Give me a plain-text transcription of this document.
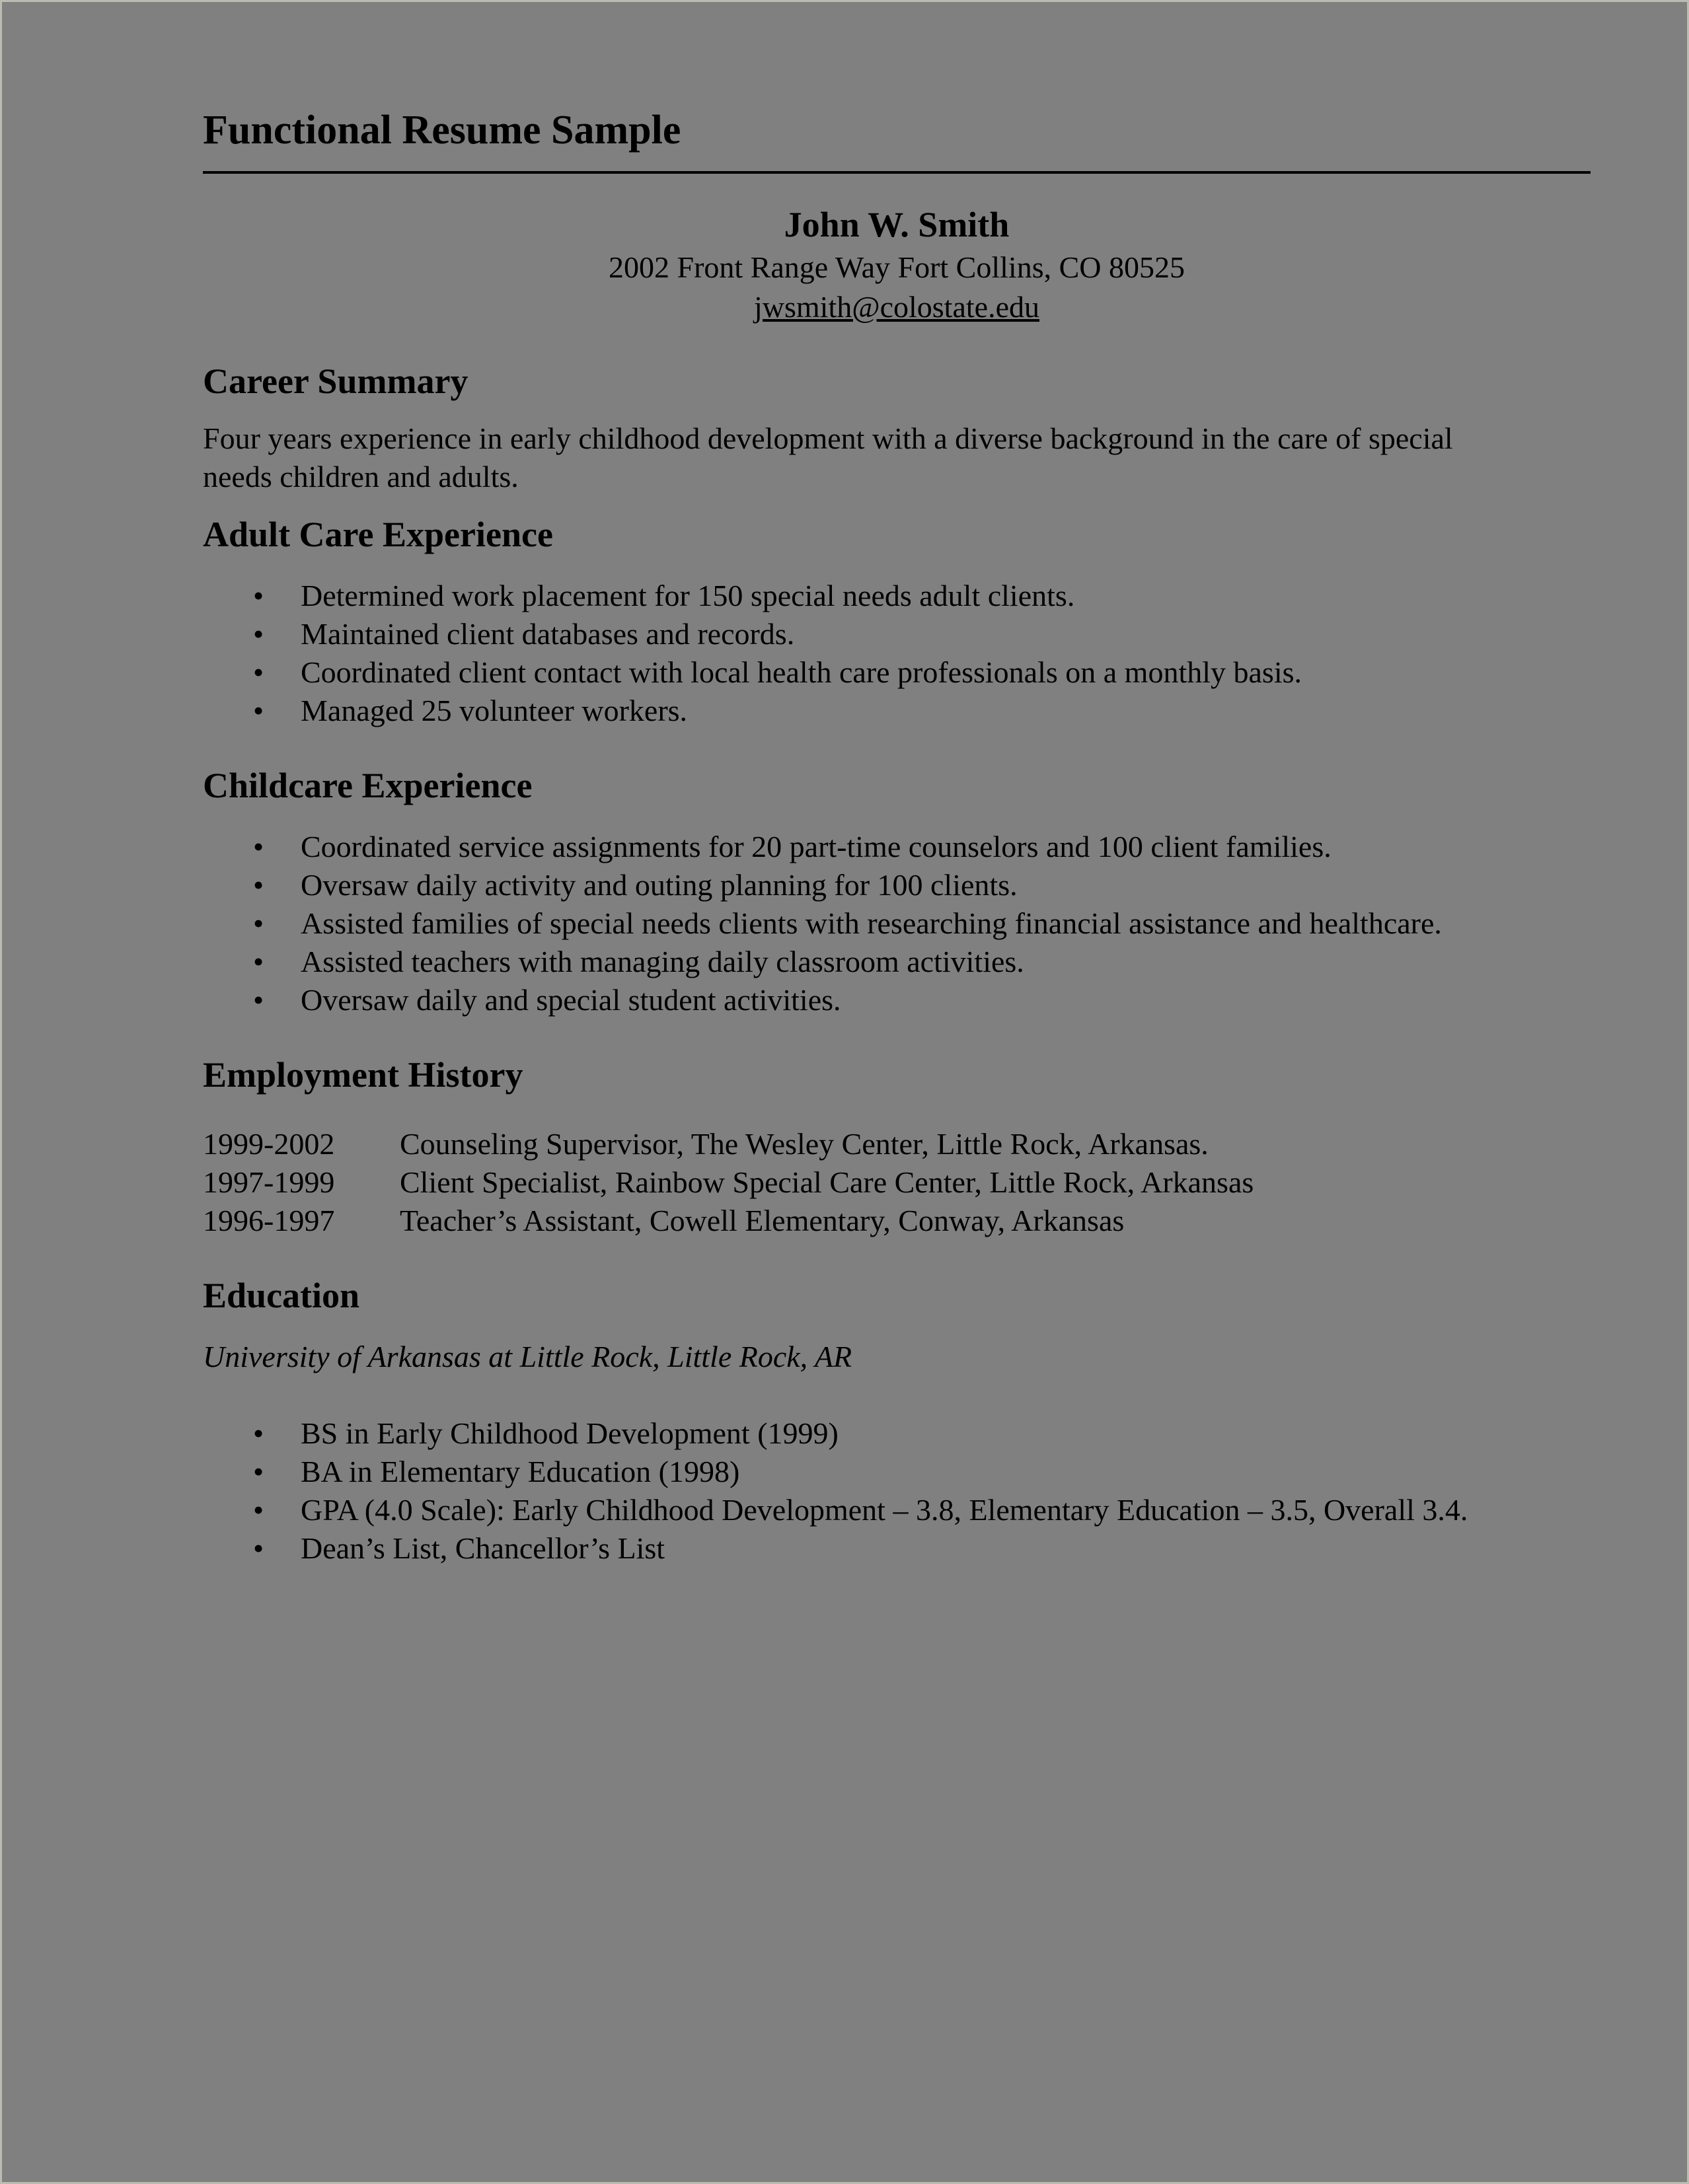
Functional Resume Sample
John W. Smith
2002 Front Range Way Fort Collins, CO 80525
jwsmith@colostate.edu
Career Summary

Four years experience in early childhood development with a diverse background in the care of special needs children and adults.

Adult Care Experience
• Determined work placement for 150 special needs adult clients.
• Maintained client databases and records.
• Coordinated client contact with local health care professionals on a monthly basis.
• Managed 25 volunteer workers.
Childcare Experience
• Coordinated service assignments for 20 part-time counselors and 100 client families.
• Oversaw daily activity and outing planning for 100 clients.
• Assisted families of special needs clients with researching financial assistance and healthcare.
• Assisted teachers with managing daily classroom activities.
• Oversaw daily and special student activities.
Employment History
1999-2002	Counseling Supervisor, The Wesley Center, Little Rock, Arkansas.
1997-1999	Client Specialist, Rainbow Special Care Center, Little Rock, Arkansas
1996-1997	Teacher’s Assistant, Cowell Elementary, Conway, Arkansas
Education

University of Arkansas at Little Rock, Little Rock, AR

• BS in Early Childhood Development (1999)
• BA in Elementary Education (1998)
• GPA (4.0 Scale): Early Childhood Development – 3.8, Elementary Education – 3.5, Overall 3.4.
• Dean’s List, Chancellor’s List
